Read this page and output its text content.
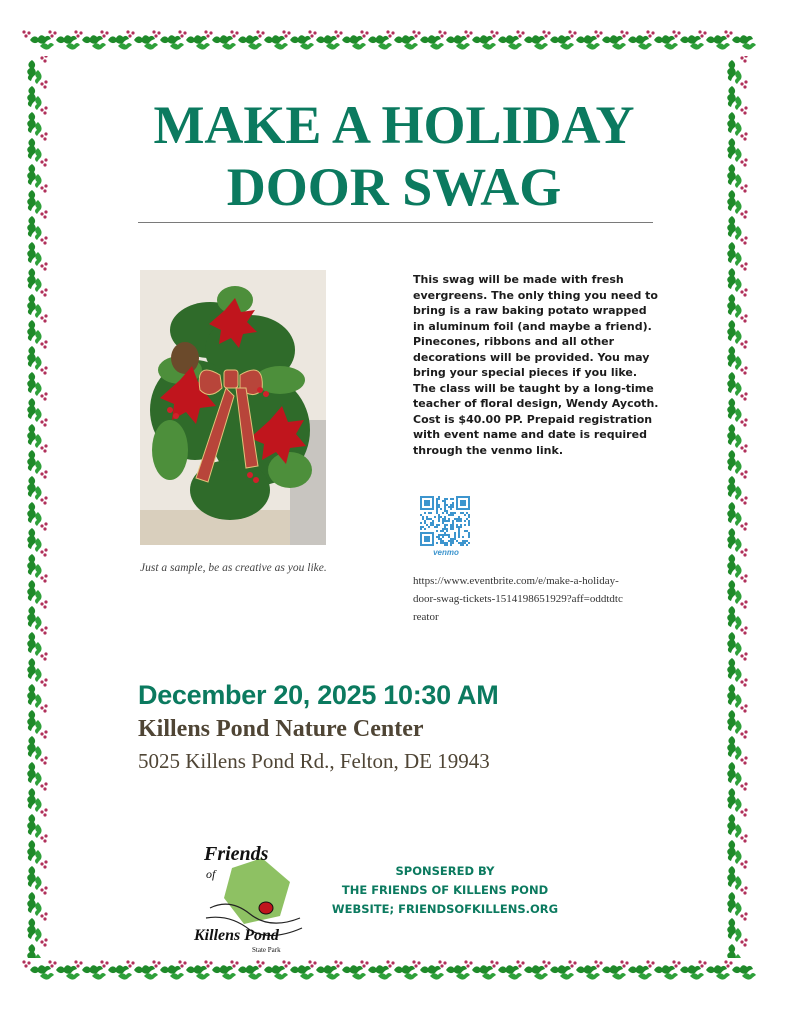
MAKE A HOLIDAY
DOOR SWAG
Just a sample, be as creative as you like.
This swag will be made with fresh evergreens. The only thing you need to bring is a raw baking potato wrapped in aluminum foil (and maybe a friend). Pinecones, ribbons and all other decorations will be provided. You may bring your special pieces if you like. The class will be taught by a long-time teacher of floral design, Wendy Aycoth. Cost is $40.00 PP. Prepaid registration with event name and date is required through the venmo link.
venmo
https://www.eventbrite.com/e/make-a-holiday-door-swag-tickets-1514198651929?aff=oddtdtcreator
December 20, 2025 10:30 AM
Killens Pond Nature Center
5025 Killens Pond Rd., Felton, DE 19943
Friends
of
Killens Pond
State Park
SPONSERED BY
THE FRIENDS OF KILLENS POND
WEBSITE; FRIENDSOFKILLENS.ORG
